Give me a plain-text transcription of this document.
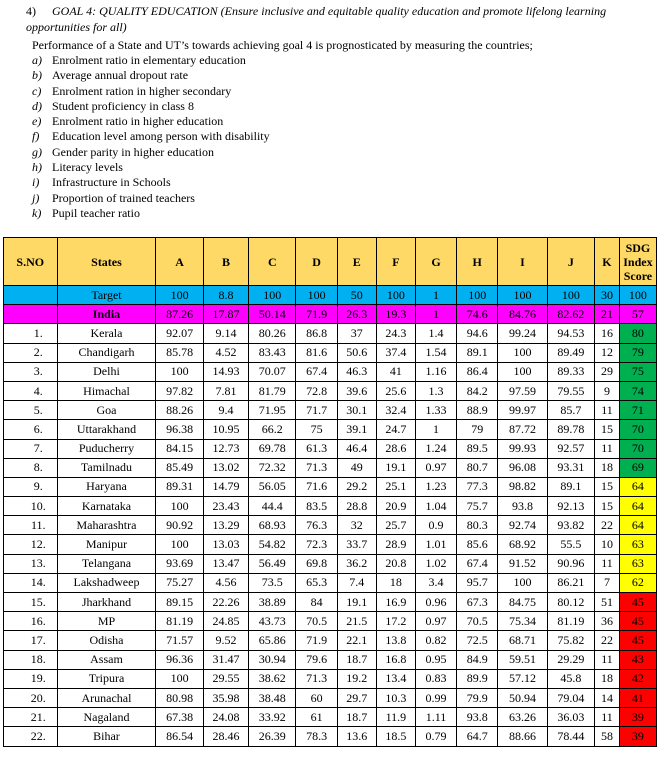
4) GOAL 4: QUALITY EDUCATION (Ensure inclusive and equitable quality education and promote lifelong learning opportunities for all)
Performance of a State and UT’s towards achieving goal 4 is prognosticated by measuring the countries;
a) Enrolment ratio in elementary education
b) Average annual dropout rate
c) Enrolment ration in higher secondary
d) Student proficiency in class 8
e) Enrolment ratio in higher education
f)	Education level among person with disability
g) Gender parity in higher education
h) Literacy levels
i)	Infrastructure in Schools
j)	Proportion of trained teachers
k) Pupil teacher ratio
S.NO	States	A	B	C	D	E	F	G	H	I	J	K	SDG Index Score
	Target	100	8.8	100	100	50	100	1	100	100	100	30	100
	India	87.26	17.87	50.14	71.9	26.3	19.3	1	74.6	84.76	82.62	21	57
1.	Kerala	92.07	9.14	80.26	86.8	37	24.3	1.4	94.6	99.24	94.53	16	80
2.	Chandigarh	85.78	4.52	83.43	81.6	50.6	37.4	1.54	89.1	100	89.49	12	79
3.	Delhi	100	14.93	70.07	67.4	46.3	41	1.16	86.4	100	89.33	29	75
4.	Himachal	97.82	7.81	81.79	72.8	39.6	25.6	1.3	84.2	97.59	79.55	9	74
5.	Goa	88.26	9.4	71.95	71.7	30.1	32.4	1.33	88.9	99.97	85.7	11	71
6.	Uttarakhand	96.38	10.95	66.2	75	39.1	24.7	1	79	87.72	89.78	15	70
7.	Puducherry	84.15	12.73	69.78	61.3	46.4	28.6	1.24	89.5	99.93	92.57	11	70
8.	Tamilnadu	85.49	13.02	72.32	71.3	49	19.1	0.97	80.7	96.08	93.31	18	69
9.	Haryana	89.31	14.79	56.05	71.6	29.2	25.1	1.23	77.3	98.82	89.1	15	64
10.	Karnataka	100	23.43	44.4	83.5	28.8	20.9	1.04	75.7	93.8	92.13	15	64
11.	Maharashtra	90.92	13.29	68.93	76.3	32	25.7	0.9	80.3	92.74	93.82	22	64
12.	Manipur	100	13.03	54.82	72.3	33.7	28.9	1.01	85.6	68.92	55.5	10	63
13.	Telangana	93.69	13.47	56.49	69.8	36.2	20.8	1.02	67.4	91.52	90.96	11	63
14.	Lakshadweep	75.27	4.56	73.5	65.3	7.4	18	3.4	95.7	100	86.21	7	62
15.	Jharkhand	89.15	22.26	38.89	84	19.1	16.9	0.96	67.3	84.75	80.12	51	45
16.	MP	81.19	24.85	43.73	70.5	21.5	17.2	0.97	70.5	75.34	81.19	36	45
17.	Odisha	71.57	9.52	65.86	71.9	22.1	13.8	0.82	72.5	68.71	75.82	22	45
18.	Assam	96.36	31.47	30.94	79.6	18.7	16.8	0.95	84.9	59.51	29.29	11	43
19.	Tripura	100	29.55	38.62	71.3	19.2	13.4	0.83	89.9	57.12	45.8	18	42
20.	Arunachal	80.98	35.98	38.48	60	29.7	10.3	0.99	79.9	50.94	79.04	14	41
21.	Nagaland	67.38	24.08	33.92	61	18.7	11.9	1.11	93.8	63.26	36.03	11	39
22.	Bihar	86.54	28.46	26.39	78.3	13.6	18.5	0.79	64.7	88.66	78.44	58	39
